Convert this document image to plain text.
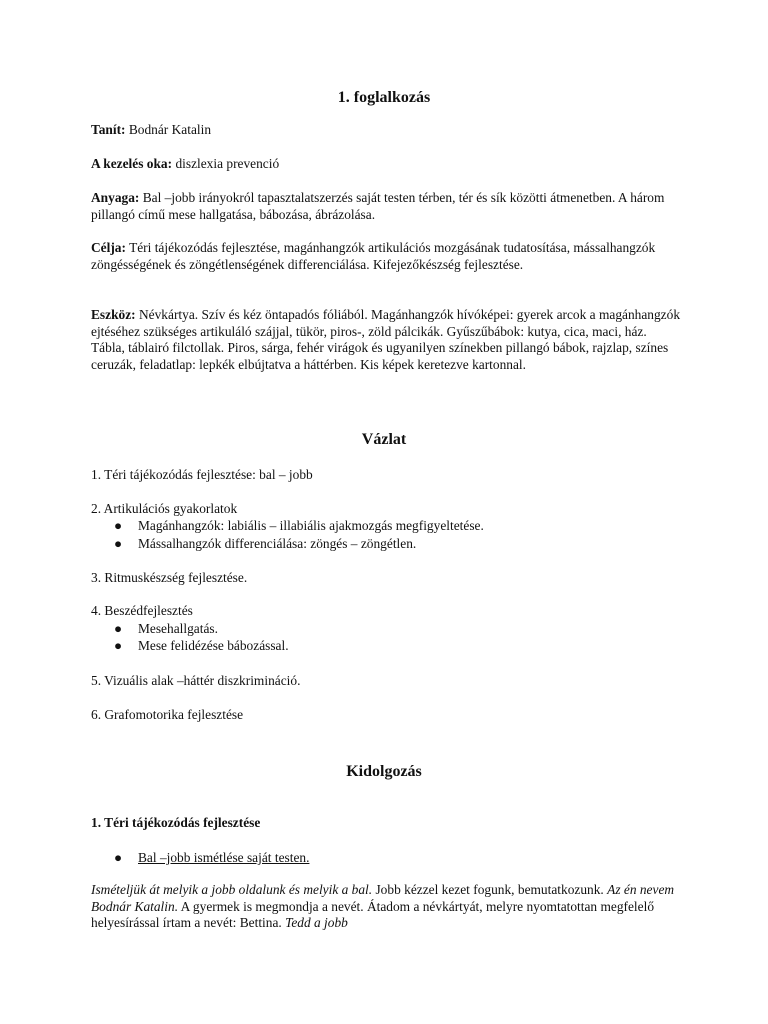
1. foglalkozás
Tanít: Bodnár Katalin
A kezelés oka: diszlexia prevenció
Anyaga: Bal –jobb irányokról tapasztalatszerzés saját testen térben, tér és sík közötti átmenetben. A három pillangó című mese hallgatása, bábozása, ábrázolása.
Célja: Téri tájékozódás fejlesztése, magánhangzók artikulációs mozgásának tudatosítása, mássalhangzók zöngésségének és zöngétlenségének differenciálása. Kifejezőkészség fejlesztése.
Eszköz: Névkártya. Szív és kéz öntapadós fóliából. Magánhangzók hívóképei: gyerek arcok a magánhangzók ejtéséhez szükséges artikuláló szájjal, tükör, piros-, zöld pálcikák. Gyűszűbábok: kutya, cica, maci, ház. Tábla, táblairó filctollak. Piros, sárga, fehér virágok és ugyanilyen színekben pillangó bábok, rajzlap, színes ceruzák, feladatlap: lepkék elbújtatva a háttérben. Kis képek keretezve kartonnal.
Vázlat
1. Téri tájékozódás fejlesztése: bal – jobb
2. Artikulációs gyakorlatok
● Magánhangzók: labiális – illabiális ajakmozgás megfigyeltetése.
● Mássalhangzók differenciálása: zöngés – zöngétlen.
3. Ritmuskészség fejlesztése.
4. Beszédfejlesztés
● Mesehallgatás.
● Mese felidézése bábozással.
5. Vizuális alak –háttér diszkrimináció.
6. Grafomotorika fejlesztése
Kidolgozás
1. Téri tájékozódás fejlesztése
● Bal –jobb ismétlése saját testen.
Ismételjük át melyik a jobb oldalunk és melyik a bal. Jobb kézzel kezet fogunk, bemutatkozunk. Az én nevem Bodnár Katalin. A gyermek is megmondja a nevét. Átadom a névkártyát, melyre nyomtatottan megfelelő helyesírással írtam a nevét: Bettina. Tedd a jobb
